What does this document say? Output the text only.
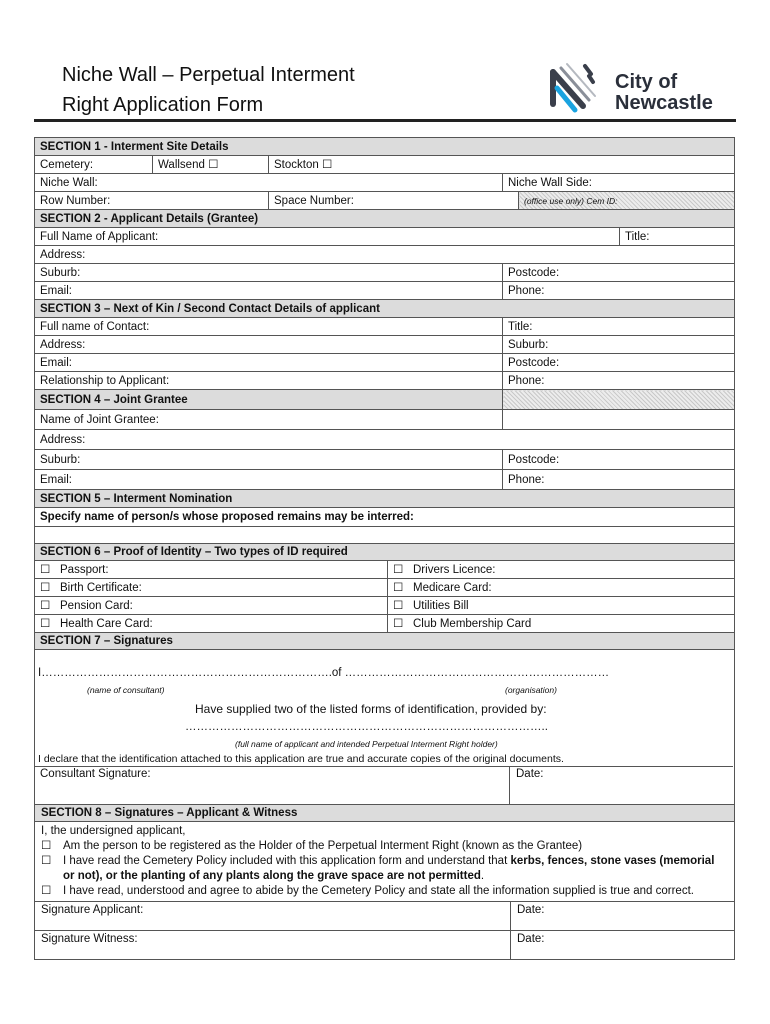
Niche Wall – Perpetual Interment
Right Application Form
City of
Newcastle
SECTION 1 - Interment Site Details						
Cemetery:	Wallsend ☐	Stockton ☐				
Niche Wall:				Niche Wall Side:		
Row Number:		Space Number:			(office use only) Cem ID:	
SECTION 2 - Applicant Details (Grantee)						
Full Name of Applicant:						Title:
Address:						
Suburb:				Postcode:		
Email:				Phone:		
SECTION 3 – Next of Kin / Second Contact Details of applicant						
Full name of Contact:				Title:		
Address:				Suburb:		
Email:				Postcode:		
Relationship to Applicant:				Phone:		
SECTION 4 – Joint Grantee						
Name of Joint Grantee:						
Address:						
Suburb:				Postcode:		
Email:				Phone:		
SECTION 5 – Interment Nomination						
Specify name of person/s whose proposed remains may be interred:						

SECTION 6 – Proof of Identity – Two types of ID required						
☐ Passport:			☐ Drivers Licence:			
☐ Birth Certificate:			☐ Medicare Card:			
☐ Pension Card:			☐ Utilities Bill			
☐ Health Care Card:			☐ Club Membership Card			
SECTION 7 – Signatures						
I………………………………………………………………….of ……………………………………………………………
(name of consultant)	(organisation)
Have supplied two of the listed forms of identification, provided by:
…………………………………………………………………………………..
(full name of applicant and intended Perpetual Interment Right holder)
I declare that the identification attached to this application are true and accurate copies of the original documents.
Consultant Signature:	Date:
SECTION 8 – Signatures – Applicant & Witness
I, the undersigned applicant,
☐	Am the person to be registered as the Holder of the Perpetual Interment Right (known as the Grantee)
☐	I have read the Cemetery Policy included with this application form and understand that kerbs, fences, stone vases (memorial or not), or the planting of any plants along the grave space are not permitted.
☐	I have read, understood and agree to abide by the Cemetery Policy and state all the information supplied is true and correct.
Signature Applicant:	Date:
Signature Witness:	Date:
